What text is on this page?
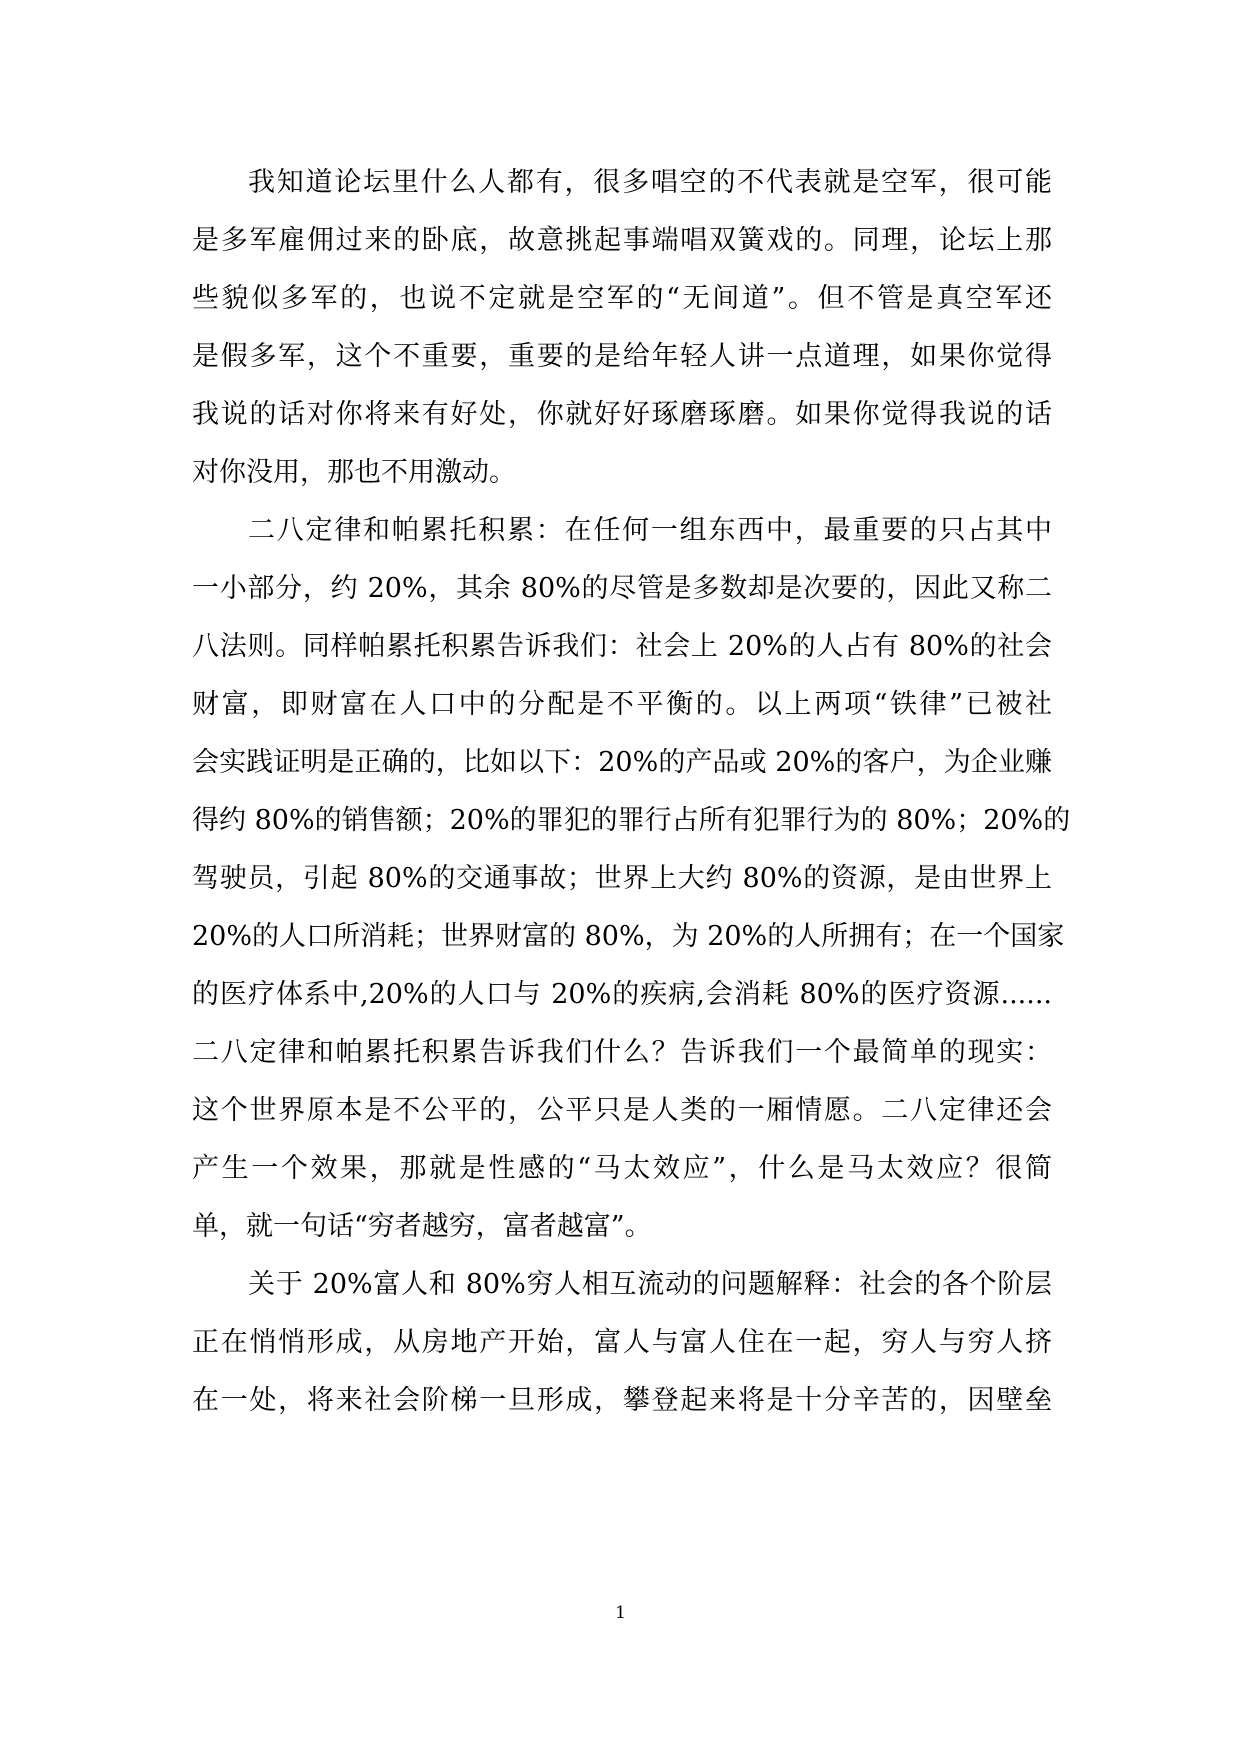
我知道论坛里什么人都有，很多唱空的不代表就是空军，很可能
是多军雇佣过来的卧底，故意挑起事端唱双簧戏的。同理，论坛上那
些貌似多军的，也说不定就是空军的“无间道”。但不管是真空军还
是假多军，这个不重要，重要的是给年轻人讲一点道理，如果你觉得
我说的话对你将来有好处，你就好好琢磨琢磨。如果你觉得我说的话
对你没用，那也不用激动。
二八定律和帕累托积累：在任何一组东西中，最重要的只占其中
一小部分，约 20%，其余 80%的尽管是多数却是次要的，因此又称二
八法则。同样帕累托积累告诉我们：社会上 20%的人占有 80%的社会
财富，即财富在人口中的分配是不平衡的。以上两项“铁律”已被社
会实践证明是正确的，比如以下：20%的产品或 20%的客户，为企业赚
得约 80%的销售额；20%的罪犯的罪行占所有犯罪行为的 80%；20%的
驾驶员，引起 80%的交通事故；世界上大约 80%的资源，是由世界上
20%的人口所消耗；世界财富的 80%，为 20%的人所拥有；在一个国家
的医疗体系中,20%的人口与 20%的疾病,会消耗 80%的医疗资源......
二八定律和帕累托积累告诉我们什么？告诉我们一个最简单的现实：
这个世界原本是不公平的，公平只是人类的一厢情愿。二八定律还会
产生一个效果，那就是性感的“马太效应”，什么是马太效应？很简
单，就一句话“穷者越穷，富者越富”。
关于 20%富人和 80%穷人相互流动的问题解释：社会的各个阶层
正在悄悄形成，从房地产开始，富人与富人住在一起，穷人与穷人挤
在一处，将来社会阶梯一旦形成，攀登起来将是十分辛苦的，因壁垒
1
